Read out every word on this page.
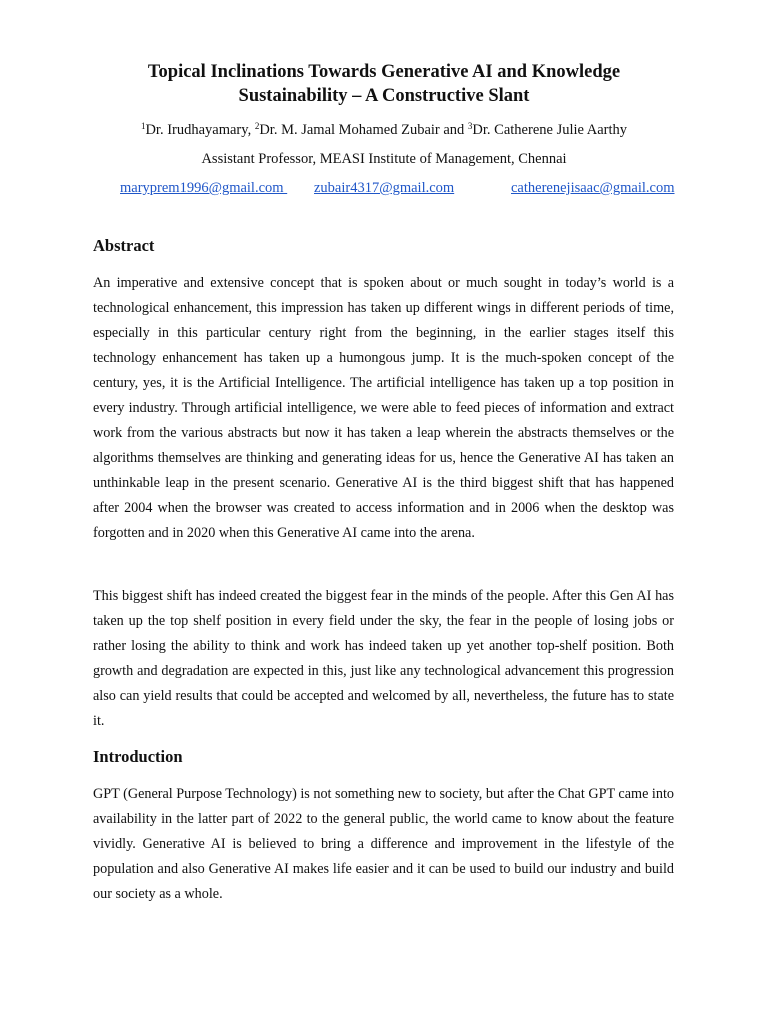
Topical Inclinations Towards Generative AI and Knowledge
Sustainability – A Constructive Slant
$^1$Dr. Irudhayamary, $^2$Dr. M. Jamal Mohamed Zubair and $^3$Dr. Catherene Julie Aarthy
Assistant Professor, MEASI Institute of Management, Chennai
maryprem1996@gmail.com zubair4317@gmail.com	catherenejisaac@gmail.com
Abstract

An imperative and extensive concept that is spoken about or much sought in today’s world is a technological enhancement, this impression has taken up different wings in different periods of time, especially in this particular century right from the beginning, in the earlier stages itself this technology enhancement has taken up a humongous jump. It is the much-spoken concept of the century, yes, it is the Artificial Intelligence. The artificial intelligence has taken up a top position in every industry. Through artificial intelligence, we were able to feed pieces of information and extract work from the various abstracts but now it has taken a leap wherein the abstracts themselves or the algorithms themselves are thinking and generating ideas for us, hence the Generative AI has taken an unthinkable leap in the present scenario. Generative AI is the third biggest shift that has happened after 2004 when the browser was created to access information and in 2006 when the desktop was forgotten and in 2020 when this Generative AI came into the arena.

This biggest shift has indeed created the biggest fear in the minds of the people. After this Gen AI has taken up the top shelf position in every field under the sky, the fear in the people of losing jobs or rather losing the ability to think and work has indeed taken up yet another top-shelf position. Both growth and degradation are expected in this, just like any technological advancement this progression also can yield results that could be accepted and welcomed by all, nevertheless, the future has to state it.

Introduction

GPT (General Purpose Technology) is not something new to society, but after the Chat GPT came into availability in the latter part of 2022 to the general public, the world came to know about the feature vividly. Generative AI is believed to bring a difference and improvement in the lifestyle of the population and also Generative AI makes life easier and it can be used to build our industry and build our society as a whole.
